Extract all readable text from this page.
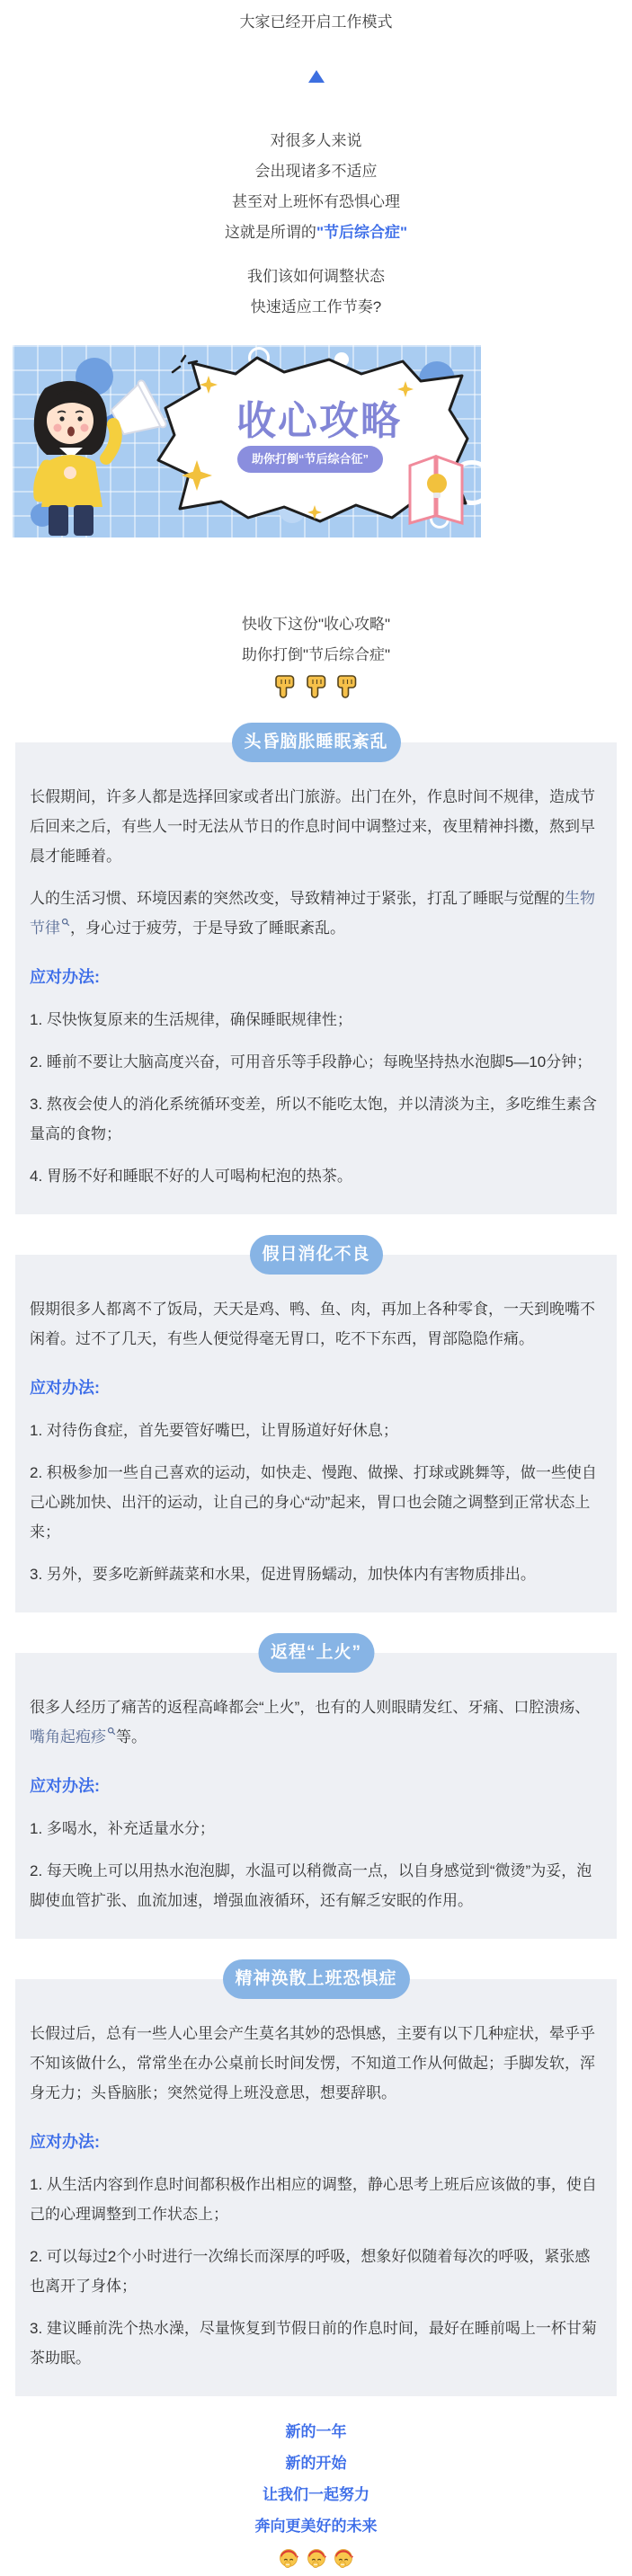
大家已经开启工作模式
对很多人来说
会出现诸多不适应
甚至对上班怀有恐惧心理
这就是所谓的"节后综合症"
我们该如何调整状态
快速适应工作节奏?
收心攻略
助你打倒“节后综合征”
快收下这份"收心攻略"
助你打倒"节后综合症"

头昏脑胀睡眠紊乱

长假期间，许多人都是选择回家或者出门旅游。出门在外，作息时间不规律，造成节后回来之后，有些人一时无法从节日的作息时间中调整过来，夜里精神抖擞，熬到早晨才能睡着。

人的生活习惯、环境因素的突然改变，导致精神过于紧张，打乱了睡眠与觉醒的生物节律 ，身心过于疲劳，于是导致了睡眠紊乱。

应对办法:

1. 尽快恢复原来的生活规律，确保睡眠规律性；

2. 睡前不要让大脑高度兴奋，可用音乐等手段静心；每晚坚持热水泡脚5—10分钟；

3. 熬夜会使人的消化系统循环变差，所以不能吃太饱，并以清淡为主，多吃维生素含量高的食物；

4. 胃肠不好和睡眠不好的人可喝枸杞泡的热茶。

假日消化不良

假期很多人都离不了饭局，天天是鸡、鸭、鱼、肉，再加上各种零食，一天到晚嘴不闲着。过不了几天，有些人便觉得毫无胃口，吃不下东西，胃部隐隐作痛。

应对办法:

1. 对待伤食症，首先要管好嘴巴，让胃肠道好好休息；

2. 积极参加一些自己喜欢的运动，如快走、慢跑、做操、打球或跳舞等，做一些使自己心跳加快、出汗的运动，让自己的身心“动”起来，胃口也会随之调整到正常状态上来；

3. 另外，要多吃新鲜蔬菜和水果，促进胃肠蠕动，加快体内有害物质排出。

返程“上火”

很多人经历了痛苦的返程高峰都会“上火”，也有的人则眼睛发红、牙痛、口腔溃疡、嘴角起疱疹 等。

应对办法:

1. 多喝水，补充适量水分；

2. 每天晚上可以用热水泡泡脚，水温可以稍微高一点，以自身感觉到“微烫”为妥，泡脚使血管扩张、血流加速，增强血液循环，还有解乏安眠的作用。

精神涣散上班恐惧症

长假过后，总有一些人心里会产生莫名其妙的恐惧感，主要有以下几种症状，晕乎乎不知该做什么，常常坐在办公桌前长时间发愣，不知道工作从何做起；手脚发软，浑身无力；头昏脑胀；突然觉得上班没意思，想要辞职。

应对办法:

1. 从生活内容到作息时间都积极作出相应的调整，静心思考上班后应该做的事，使自己的心理调整到工作状态上；

2. 可以每过2个小时进行一次绵长而深厚的呼吸，想象好似随着每次的呼吸，紧张感也离开了身体；

3. 建议睡前洗个热水澡，尽量恢复到节假日前的作息时间，最好在睡前喝上一杯甘菊茶助眠。

新的一年
新的开始
让我们一起努力
奔向更美好的未来
